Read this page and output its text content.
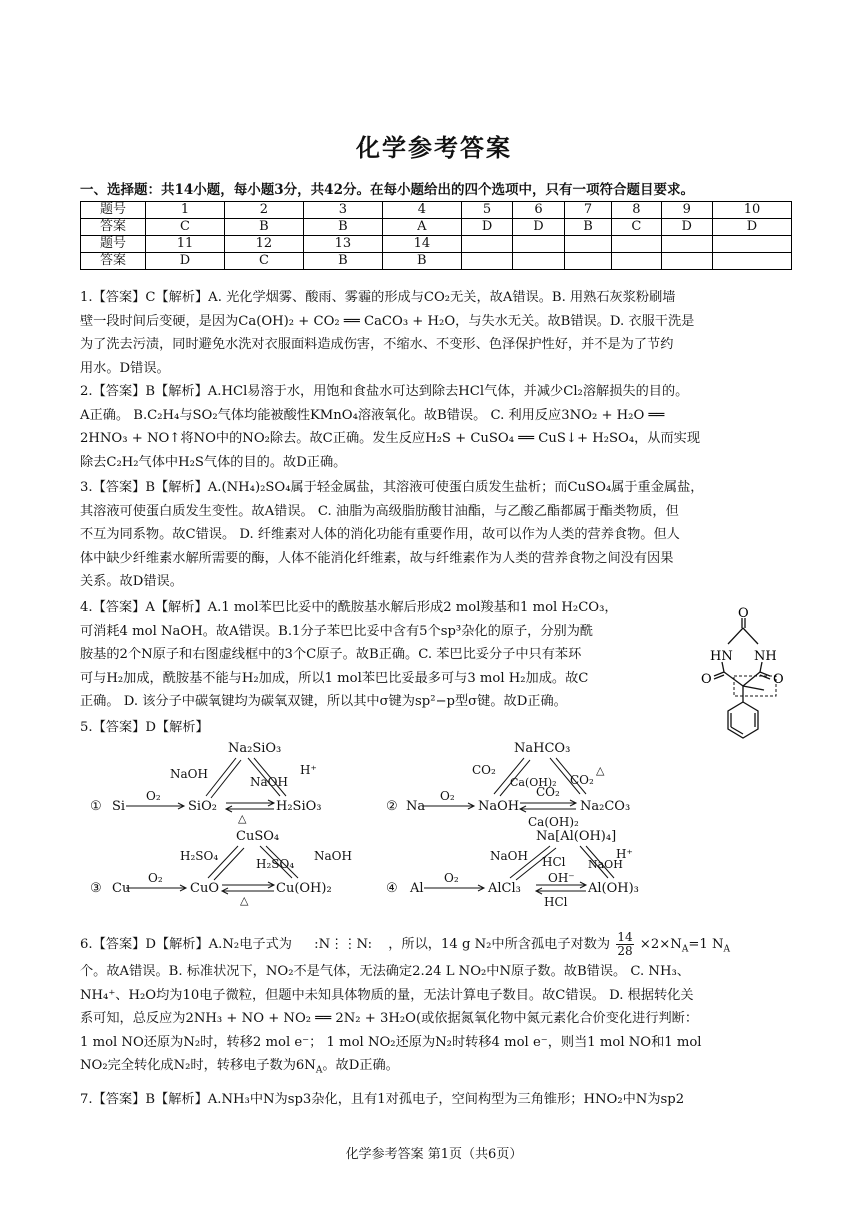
化学参考答案
一、选择题：共14小题，每小题3分，共42分。在每小题给出的四个选项中，只有一项符合题目要求。
题号	1	2	3	4	5	6	7	8	9	10
答案	C	B	B	A	D	D	B	C	D	D
题号	11	12	13	14						
答案	D	C	B	B						

1.【答案】C【解析】A. 光化学烟雾、酸雨、雾霾的形成与CO₂无关，故A错误。B. 用熟石灰浆粉刷墙

壁一段时间后变硬，是因为Ca(OH)₂ + CO₂ ══ CaCO₃ + H₂O，与失水无关。故B错误。D. 衣服干洗是

为了洗去污渍，同时避免水洗对衣服面料造成伤害，不缩水、不变形、色泽保护性好，并不是为了节约

用水。D错误。

2.【答案】B【解析】A.HCl易溶于水，用饱和食盐水可达到除去HCl气体，并减少Cl₂溶解损失的目的。

A正确。 B.C₂H₄与SO₂气体均能被酸性KMnO₄溶液氧化。故B错误。 C. 利用反应3NO₂ + H₂O ══

2HNO₃ + NO↑将NO中的NO₂除去。故C正确。发生反应H₂S + CuSO₄ ══ CuS↓+ H₂SO₄，从而实现

除去C₂H₂气体中H₂S气体的目的。故D正确。

3.【答案】B【解析】A.(NH₄)₂SO₄属于轻金属盐，其溶液可使蛋白质发生盐析；而CuSO₄属于重金属盐，

其溶液可使蛋白质发生变性。故A错误。 C. 油脂为高级脂肪酸甘油酯，与乙酸乙酯都属于酯类物质，但

不互为同系物。故C错误。 D. 纤维素对人体的消化功能有重要作用，故可以作为人类的营养食物。但人

体中缺少纤维素水解所需要的酶，人体不能消化纤维素，故与纤维素作为人类的营养食物之间没有因果

关系。故D错误。

4.【答案】A【解析】A.1 mol苯巴比妥中的酰胺基水解后形成2 mol羧基和1 mol H₂CO₃，

可消耗4 mol NaOH。故A错误。B.1分子苯巴比妥中含有5个sp³杂化的原子，分别为酰

胺基的2个N原子和右图虚线框中的3个C原子。故B正确。C. 苯巴比妥分子中只有苯环

可与H₂加成，酰胺基不能与H₂加成，所以1 mol苯巴比妥最多可与3 mol H₂加成。故C

正确。 D. 该分子中碳氧键均为碳氧双键，所以其中σ键为sp²−p型σ键。故D正确。

O
HN NH
O	O

5.【答案】D【解析】

① Si
O₂
SiO₂	H₂SiO₃
Na₂SiO₃
NaOH
NaOH
H⁺
△
② Na
O₂
NaOH	Na₂CO₃
NaHCO₃
CO₂
Ca(OH)₂ CO₂
△
CO₂
Ca(OH)₂
③ Cu
O₂
CuO	Cu(OH)₂
CuSO₄
H₂SO₄
H₂SO₄
NaOH
△
④ Al
O₂
AlCl₃	Al(OH)₃
Na[Al(OH)₄]
NaOH HCl NaOH
H⁺
OH⁻
HCl

6.【答案】D【解析】A.N₂电子式为 :N⋮⋮N: ，所以，14 g N₂中所含孤电子对数为 $\frac{14}{28} \times 2\times N_A=1$ $N_A$

个。故A错误。B. 标准状况下，NO₂不是气体，无法确定2.24 L NO₂中N原子数。故B错误。 C. NH₃、

NH₄⁺、H₂O均为10电子微粒，但题中未知具体物质的量，无法计算电子数目。故C错误。 D. 根据转化关

系可知，总反应为2NH₃ + NO + NO₂ ══ 2N₂ + 3H₂O(或依据氮氧化物中氮元素化合价变化进行判断：

1 mol NO还原为N₂时，转移2 mol e⁻； 1 mol NO₂还原为N₂时转移4 mol e⁻，则当1 mol NO和1 mol

NO₂完全转化成N₂时，转移电子数为$6N_A$。故D正确。

7.【答案】B【解析】A.NH₃中N为sp3杂化，且有1对孤电子，空间构型为三角锥形；HNO₂中N为sp2

化学参考答案 第1页（共6页）
